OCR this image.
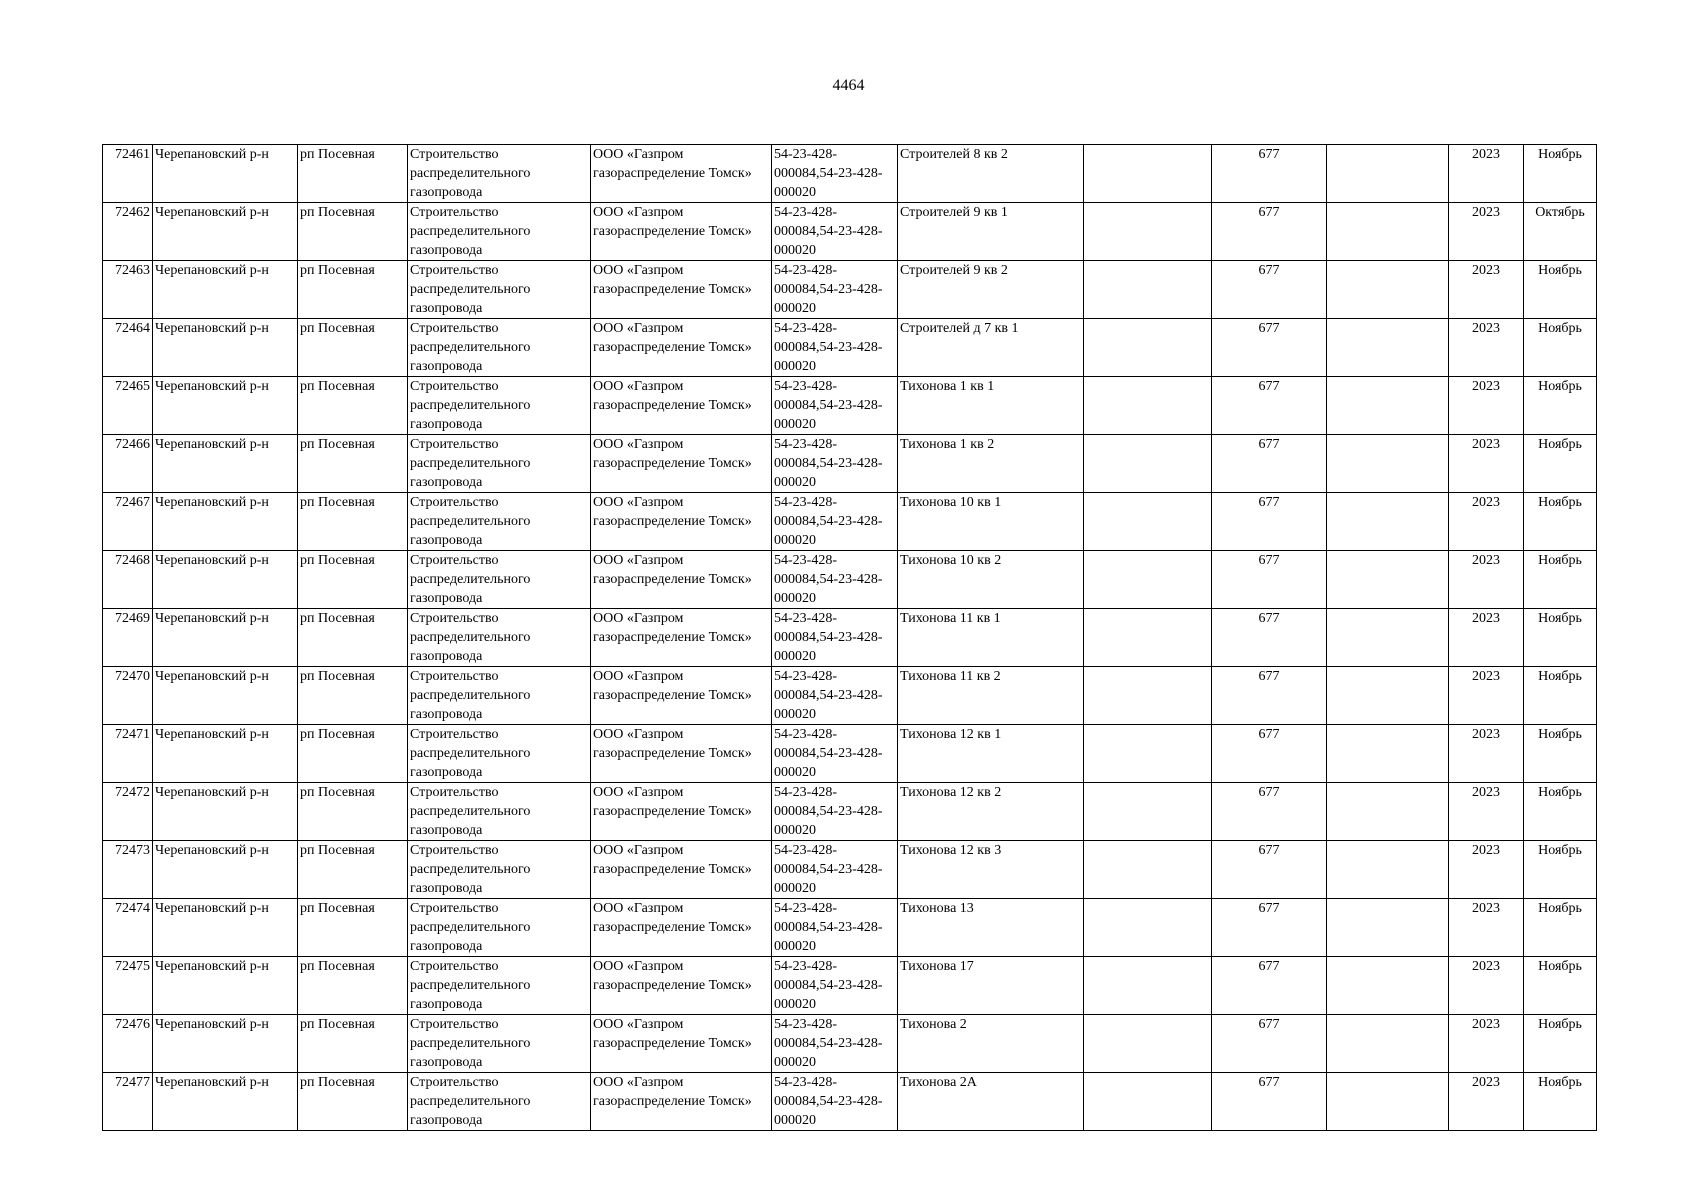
4464
72461	Черепановский р-н	рп Посевная	Строительство распределительного газопровода	ООО «Газпром газораспределение Томск»	54-23-428-000084,54-23-428-000020	Строителей 8 кв 2		677		2023	Ноябрь
72462	Черепановский р-н	рп Посевная	Строительство распределительного газопровода	ООО «Газпром газораспределение Томск»	54-23-428-000084,54-23-428-000020	Строителей 9 кв 1		677		2023	Октябрь
72463	Черепановский р-н	рп Посевная	Строительство распределительного газопровода	ООО «Газпром газораспределение Томск»	54-23-428-000084,54-23-428-000020	Строителей 9 кв 2		677		2023	Ноябрь
72464	Черепановский р-н	рп Посевная	Строительство распределительного газопровода	ООО «Газпром газораспределение Томск»	54-23-428-000084,54-23-428-000020	Строителей д 7 кв 1		677		2023	Ноябрь
72465	Черепановский р-н	рп Посевная	Строительство распределительного газопровода	ООО «Газпром газораспределение Томск»	54-23-428-000084,54-23-428-000020	Тихонова 1 кв 1		677		2023	Ноябрь
72466	Черепановский р-н	рп Посевная	Строительство распределительного газопровода	ООО «Газпром газораспределение Томск»	54-23-428-000084,54-23-428-000020	Тихонова 1 кв 2		677		2023	Ноябрь
72467	Черепановский р-н	рп Посевная	Строительство распределительного газопровода	ООО «Газпром газораспределение Томск»	54-23-428-000084,54-23-428-000020	Тихонова 10 кв 1		677		2023	Ноябрь
72468	Черепановский р-н	рп Посевная	Строительство распределительного газопровода	ООО «Газпром газораспределение Томск»	54-23-428-000084,54-23-428-000020	Тихонова 10 кв 2		677		2023	Ноябрь
72469	Черепановский р-н	рп Посевная	Строительство распределительного газопровода	ООО «Газпром газораспределение Томск»	54-23-428-000084,54-23-428-000020	Тихонова 11 кв 1		677		2023	Ноябрь
72470	Черепановский р-н	рп Посевная	Строительство распределительного газопровода	ООО «Газпром газораспределение Томск»	54-23-428-000084,54-23-428-000020	Тихонова 11 кв 2		677		2023	Ноябрь
72471	Черепановский р-н	рп Посевная	Строительство распределительного газопровода	ООО «Газпром газораспределение Томск»	54-23-428-000084,54-23-428-000020	Тихонова 12 кв 1		677		2023	Ноябрь
72472	Черепановский р-н	рп Посевная	Строительство распределительного газопровода	ООО «Газпром газораспределение Томск»	54-23-428-000084,54-23-428-000020	Тихонова 12 кв 2		677		2023	Ноябрь
72473	Черепановский р-н	рп Посевная	Строительство распределительного газопровода	ООО «Газпром газораспределение Томск»	54-23-428-000084,54-23-428-000020	Тихонова 12 кв 3		677		2023	Ноябрь
72474	Черепановский р-н	рп Посевная	Строительство распределительного газопровода	ООО «Газпром газораспределение Томск»	54-23-428-000084,54-23-428-000020	Тихонова 13		677		2023	Ноябрь
72475	Черепановский р-н	рп Посевная	Строительство распределительного газопровода	ООО «Газпром газораспределение Томск»	54-23-428-000084,54-23-428-000020	Тихонова 17		677		2023	Ноябрь
72476	Черепановский р-н	рп Посевная	Строительство распределительного газопровода	ООО «Газпром газораспределение Томск»	54-23-428-000084,54-23-428-000020	Тихонова 2		677		2023	Ноябрь
72477	Черепановский р-н	рп Посевная	Строительство распределительного газопровода	ООО «Газпром газораспределение Томск»	54-23-428-000084,54-23-428-000020	Тихонова 2А		677		2023	Ноябрь
